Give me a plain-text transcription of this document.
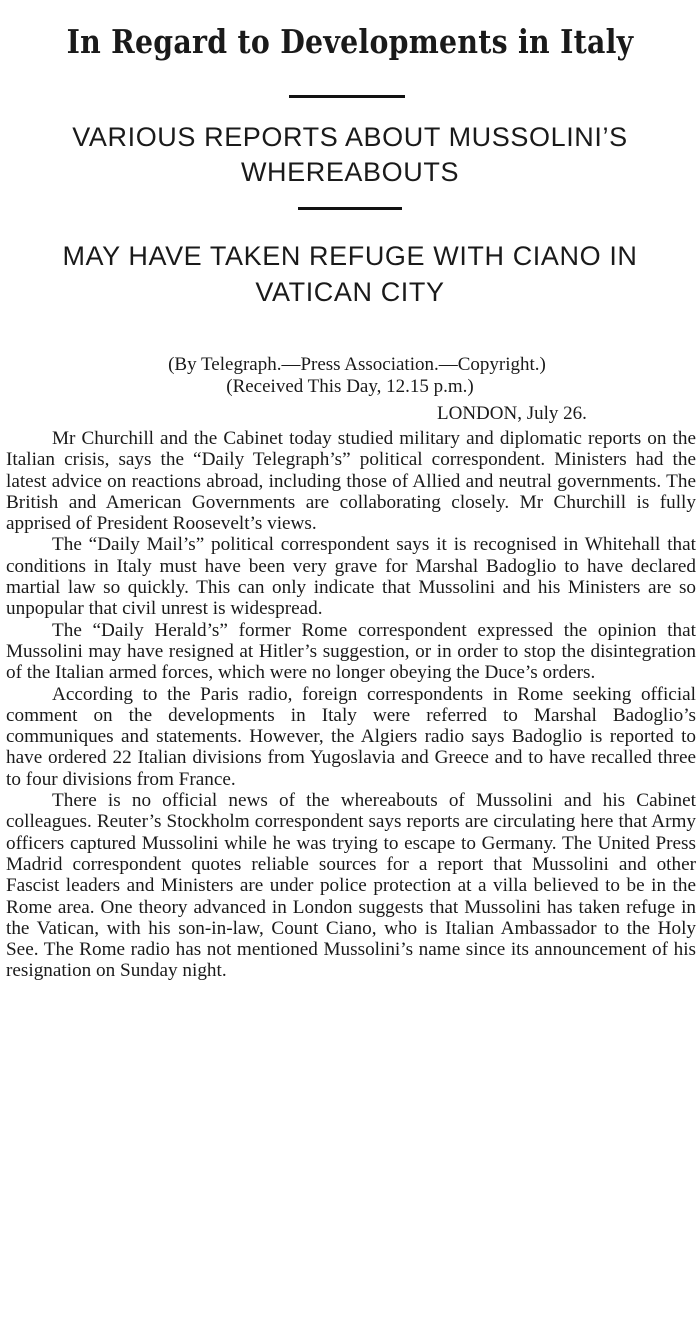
In Regard to Developments in Italy
VARIOUS REPORTS ABOUT MUSSOLINI’S WHEREABOUTS
MAY HAVE TAKEN REFUGE WITH CIANO IN VATICAN CITY
(By Telegraph.—Press Association.—Copyright.)
(Received This Day, 12.15 p.m.)
LONDON, July 26.

Mr Churchill and the Cabinet today studied military and diplomatic reports on the Italian crisis, says the “Daily Telegraph’s” political correspondent. Ministers had the latest advice on reactions abroad, including those of Allied and neutral governments. The British and American Governments are collaborating closely. Mr Churchill is fully apprised of President Roosevelt’s views.

The “Daily Mail’s” political correspondent says it is recognised in Whitehall that conditions in Italy must have been very grave for Marshal Badoglio to have declared martial law so quickly. This can only indicate that Mussolini and his Ministers are so unpopular that civil unrest is widespread.

The “Daily Herald’s” former Rome correspondent expressed the opinion that Mussolini may have resigned at Hitler’s suggestion, or in order to stop the disintegration of the Italian armed forces, which were no longer obeying the Duce’s orders.

According to the Paris radio, foreign correspondents in Rome seeking official comment on the developments in Italy were referred to Marshal Badoglio’s communiques and statements. However, the Algiers radio says Badoglio is reported to have ordered 22 Italian divisions from Yugoslavia and Greece and to have recalled three to four divisions from France.

There is no official news of the whereabouts of Mussolini and his Cabinet colleagues. Reuter’s Stockholm correspondent says reports are circulating here that Army officers captured Mussolini while he was trying to escape to Germany. The United Press Madrid correspondent quotes reliable sources for a report that Mussolini and other Fascist leaders and Ministers are under police protection at a villa believed to be in the Rome area. One theory advanced in London suggests that Mussolini has taken refuge in the Vatican, with his son-in-law, Count Ciano, who is Italian Ambassador to the Holy See. The Rome radio has not mentioned Mussolini’s name since its announcement of his resignation on Sunday night.
